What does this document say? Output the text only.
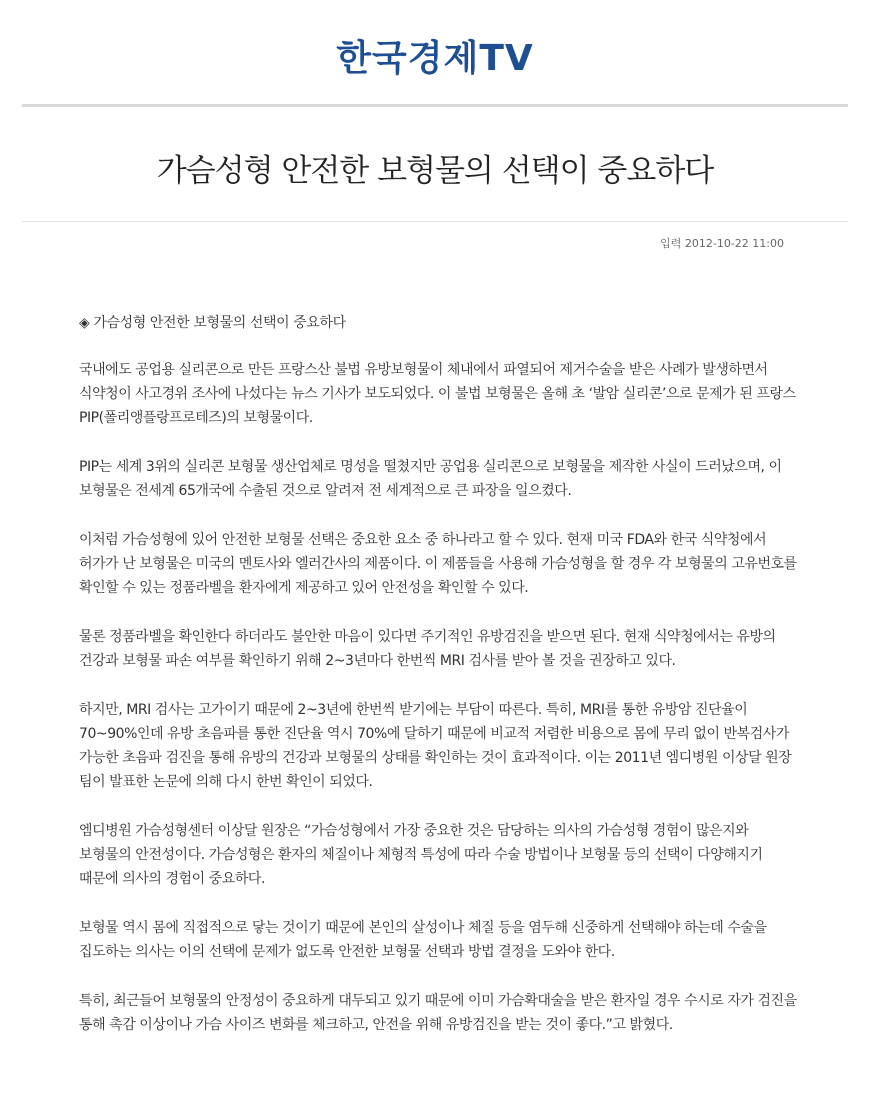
한국경제TV
가슴성형 안전한 보형물의 선택이 중요하다
입력 2012-10-22 11:00

◈ 가슴성형 안전한 보형물의 선택이 중요하다

국내에도 공업용 실리콘으로 만든 프랑스산 불법 유방보형물이 체내에서 파열되어 제거수술을 받은 사례가 발생하면서 식약청이 사고경위 조사에 나섰다는 뉴스 기사가 보도되었다. 이 불법 보형물은 올해 초 ‘발암 실리콘’으로 문제가 된 프랑스 PIP(폴리앵플랑프로테즈)의 보형물이다.

PIP는 세계 3위의 실리콘 보형물 생산업체로 명성을 떨쳤지만 공업용 실리콘으로 보형물을 제작한 사실이 드러났으며, 이 보형물은 전세계 65개국에 수출된 것으로 알려져 전 세계적으로 큰 파장을 일으켰다.

이처럼 가슴성형에 있어 안전한 보형물 선택은 중요한 요소 중 하나라고 할 수 있다. 현재 미국 FDA와 한국 식약청에서 허가가 난 보형물은 미국의 멘토사와 엘러간사의 제품이다. 이 제품들을 사용해 가슴성형을 할 경우 각 보형물의 고유번호를 확인할 수 있는 정품라벨을 환자에게 제공하고 있어 안전성을 확인할 수 있다.

물론 정품라벨을 확인한다 하더라도 불안한 마음이 있다면 주기적인 유방검진을 받으면 된다. 현재 식약청에서는 유방의 건강과 보형물 파손 여부를 확인하기 위해 2~3년마다 한번씩 MRI 검사를 받아 볼 것을 권장하고 있다.

하지만, MRI 검사는 고가이기 때문에 2~3년에 한번씩 받기에는 부담이 따른다. 특히, MRI를 통한 유방암 진단율이 70~90%인데 유방 초음파를 통한 진단율 역시 70%에 달하기 때문에 비교적 저렴한 비용으로 몸에 무리 없이 반복검사가 가능한 초음파 검진을 통해 유방의 건강과 보형물의 상태를 확인하는 것이 효과적이다. 이는 2011년 엠디병원 이상달 원장 팀이 발표한 논문에 의해 다시 한번 확인이 되었다.

엠디병원 가슴성형센터 이상달 원장은 “가슴성형에서 가장 중요한 것은 담당하는 의사의 가슴성형 경험이 많은지와 보형물의 안전성이다. 가슴성형은 환자의 체질이나 체형적 특성에 따라 수술 방법이나 보형물 등의 선택이 다양해지기 때문에 의사의 경험이 중요하다.

보형물 역시 몸에 직접적으로 닿는 것이기 때문에 본인의 살성이나 체질 등을 염두해 신중하게 선택해야 하는데 수술을 집도하는 의사는 이의 선택에 문제가 없도록 안전한 보형물 선택과 방법 결정을 도와야 한다.

특히, 최근들어 보형물의 안정성이 중요하게 대두되고 있기 때문에 이미 가슴확대술을 받은 환자일 경우 수시로 자가 검진을 통해 촉감 이상이나 가슴 사이즈 변화를 체크하고, 안전을 위해 유방검진을 받는 것이 좋다.”고 밝혔다.
